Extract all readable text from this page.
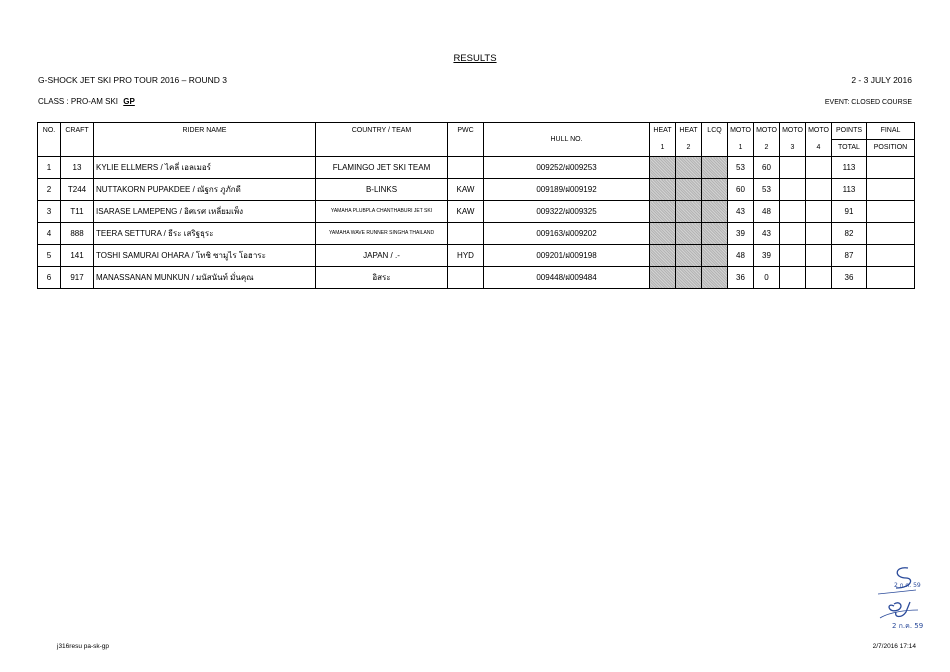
RESULTS
G-SHOCK JET SKI PRO TOUR 2016 – ROUND 3	2 - 3 JULY 2016
CLASS : PRO-AM SKI GP	EVENT: CLOSED COURSE
NO.	CRAFT	RIDER NAME	COUNTRY / TEAM	PWC	HULL NO.	HEAT	HEAT	LCQ	MOTO	MOTO	MOTO	MOTO	POINTS	FINAL
						1	2		1	2	3	4	TOTAL	POSITION
1	13	KYLIE ELLMERS / ไคลี่ เอลเมอร์	FLAMINGO JET SKI TEAM		009252/ฝ009253				53	60			113	
2	T244	NUTTAKORN PUPAKDEE / ณัฐกร ภูภักดี	B-LINKS	KAW	009189/ฝ009192				60	53			113	
3	T11	ISARASE LAMEPENG / อิศเรศ เหลี่ยมเพ็ง	YAMAHA PLUBPLA CHANTHABURI JET SKI	KAW	009322/ฝ009325				43	48			91	
4	888	TEERA SETTURA / ธีระ เสริฐธุระ	YAMAHA WAVE RUNNER SINGHA THAILAND		009163/ฝ009202				39	43			82	
5	141	TOSHI SAMURAI OHARA / โทชิ ซามูไร โอฮาระ	JAPAN / .-	HYD	009201/ฝ009198				48	39			87	
6	917	MANASSANAN MUNKUN / มนัสนันท์ มั่นคุณ	อิสระ		009448/ฝ009484				36	0			36	
2 ก.ค. 59
2 ก.ค. 59
j316resu pa-sk-gp	2/7/2016 17:14
